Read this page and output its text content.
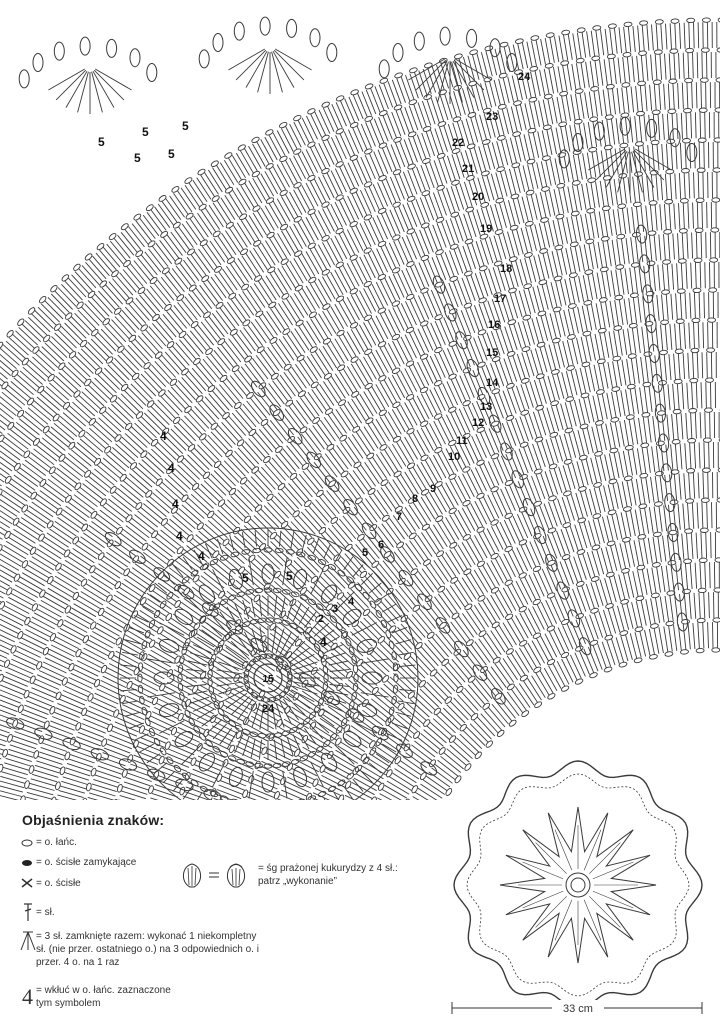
2
3
4
5
6
7
8
9
10
11
12
13
14
15
16
17
18
19
20
21
22
23
24
15
24
5
5	5
5 5
5	5
4
4
4
4
4
4
33 cm
Objaśnienia znaków:
= o. łańc.
= o. ścisłe zamykające
= o. ścisłe
= sł.
= 3 sł. zamknięte razem: wykonać 1 niekompletny sł. (nie przer. ostatniego o.) na 3 odpowiednich o. i przer. 4 o. na 1 raz
4 = wkłuć w o. łańc. zaznaczone tym symbolem
= śg prażonej kukurydzy z 4 sł.: patrz „wykonanie”
